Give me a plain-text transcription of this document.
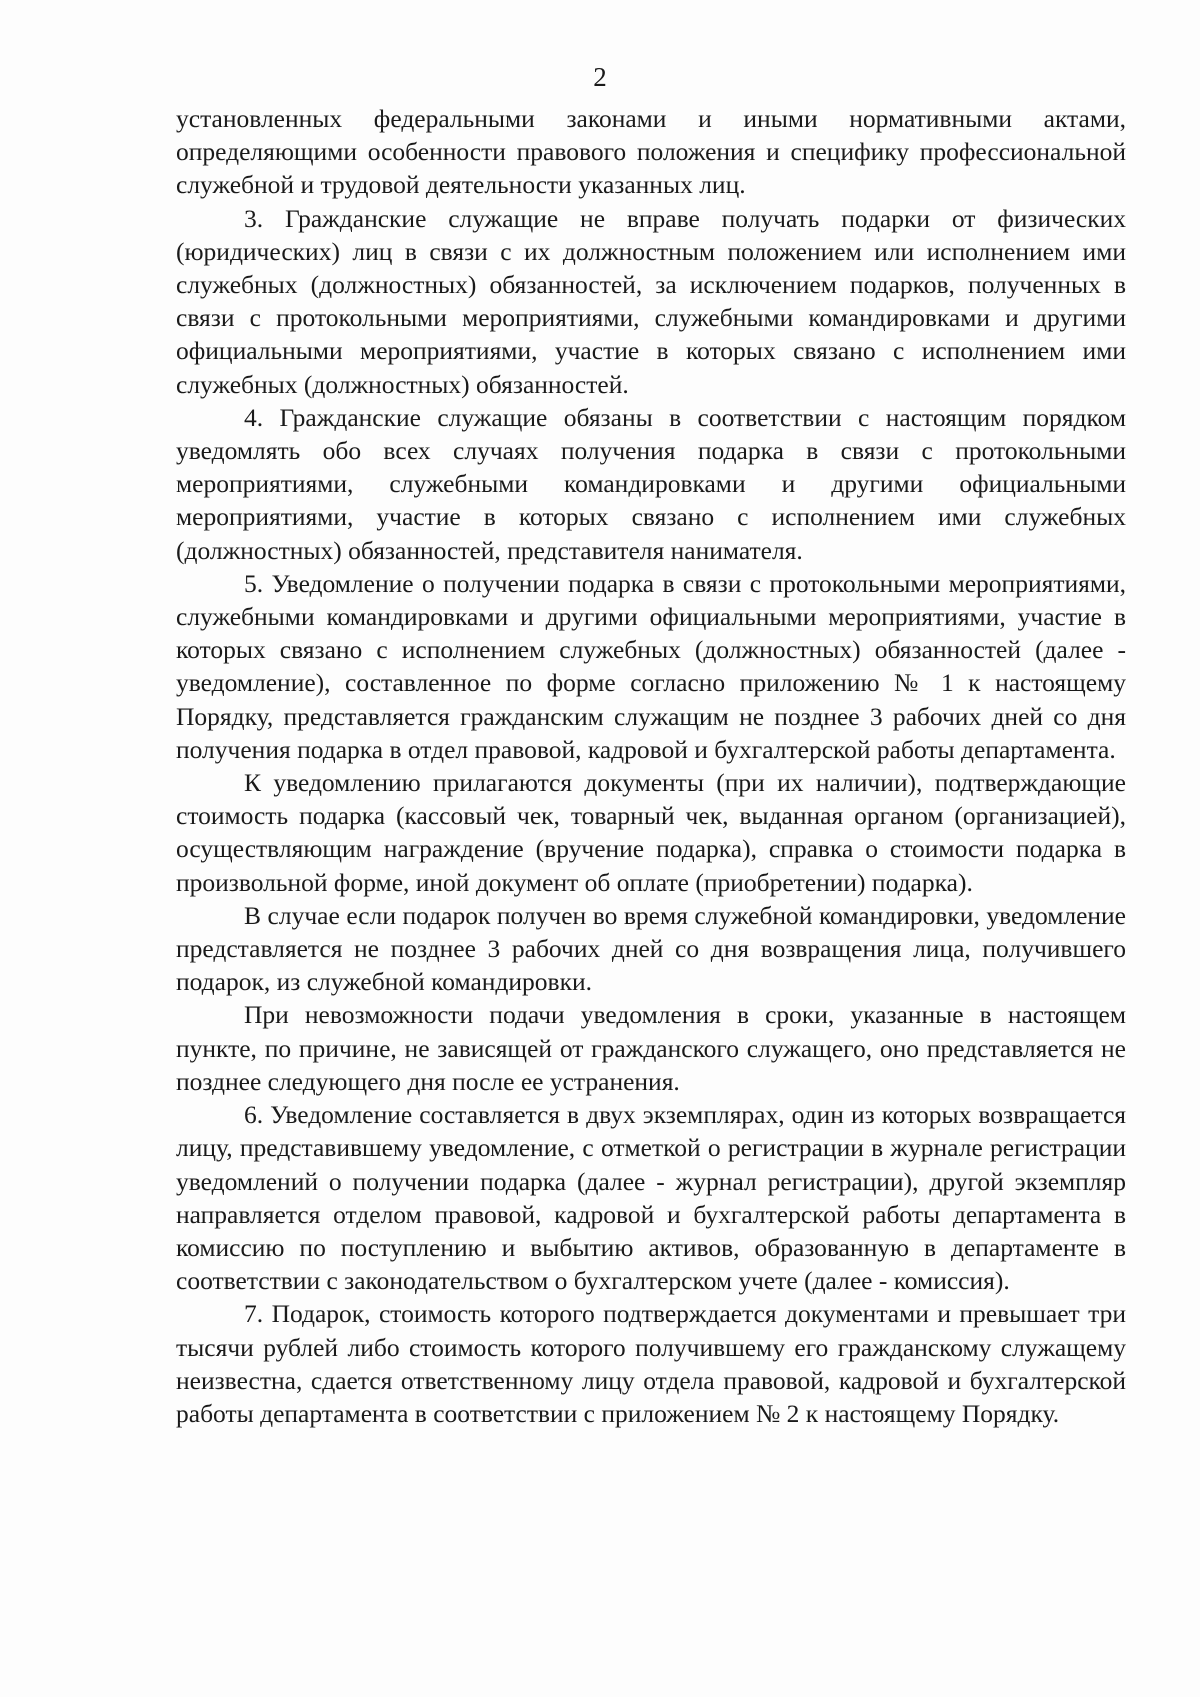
2

установленных федеральными законами и иными нормативными актами, определяющими особенности правового положения и специфику профессиональной служебной и трудовой деятельности указанных лиц.

3. Гражданские служащие не вправе получать подарки от физических (юридических) лиц в связи с их должностным положением или исполнением ими служебных (должностных) обязанностей, за исключением подарков, полученных в связи с протокольными мероприятиями, служебными командировками и другими официальными мероприятиями, участие в которых связано с исполнением ими служебных (должностных) обязанностей.

4. Гражданские служащие обязаны в соответствии с настоящим порядком уведомлять обо всех случаях получения подарка в связи с протокольными мероприятиями, служебными командировками и другими официальными мероприятиями, участие в которых связано с исполнением ими служебных (должностных) обязанностей, представителя нанимателя.

5. Уведомление о получении подарка в связи с протокольными мероприятиями, служебными командировками и другими официальными мероприятиями, участие в которых связано с исполнением служебных (должностных) обязанностей (далее - уведомление), составленное по форме согласно приложению № 1 к настоящему Порядку, представляется гражданским служащим не позднее 3 рабочих дней со дня получения подарка в отдел правовой, кадровой и бухгалтерской работы департамента.

К уведомлению прилагаются документы (при их наличии), подтверждающие стоимость подарка (кассовый чек, товарный чек, выданная органом (организацией), осуществляющим награждение (вручение подарка), справка о стоимости подарка в произвольной форме, иной документ об оплате (приобретении) подарка).

В случае если подарок получен во время служебной командировки, уведомление представляется не позднее 3 рабочих дней со дня возвращения лица, получившего подарок, из служебной командировки.

При невозможности подачи уведомления в сроки, указанные в настоящем пункте, по причине, не зависящей от гражданского служащего, оно представляется не позднее следующего дня после ее устранения.

6. Уведомление составляется в двух экземплярах, один из которых возвращается лицу, представившему уведомление, с отметкой о регистрации в журнале регистрации уведомлений о получении подарка (далее - журнал регистрации), другой экземпляр направляется отделом правовой, кадровой и бухгалтерской работы департамента в комиссию по поступлению и выбытию активов, образованную в департаменте в соответствии с законодательством о бухгалтерском учете (далее - комиссия).

7. Подарок, стоимость которого подтверждается документами и превышает три тысячи рублей либо стоимость которого получившему его гражданскому служащему неизвестна, сдается ответственному лицу отдела правовой, кадровой и бухгалтерской работы департамента в соответствии с приложением № 2 к настоящему Порядку.
